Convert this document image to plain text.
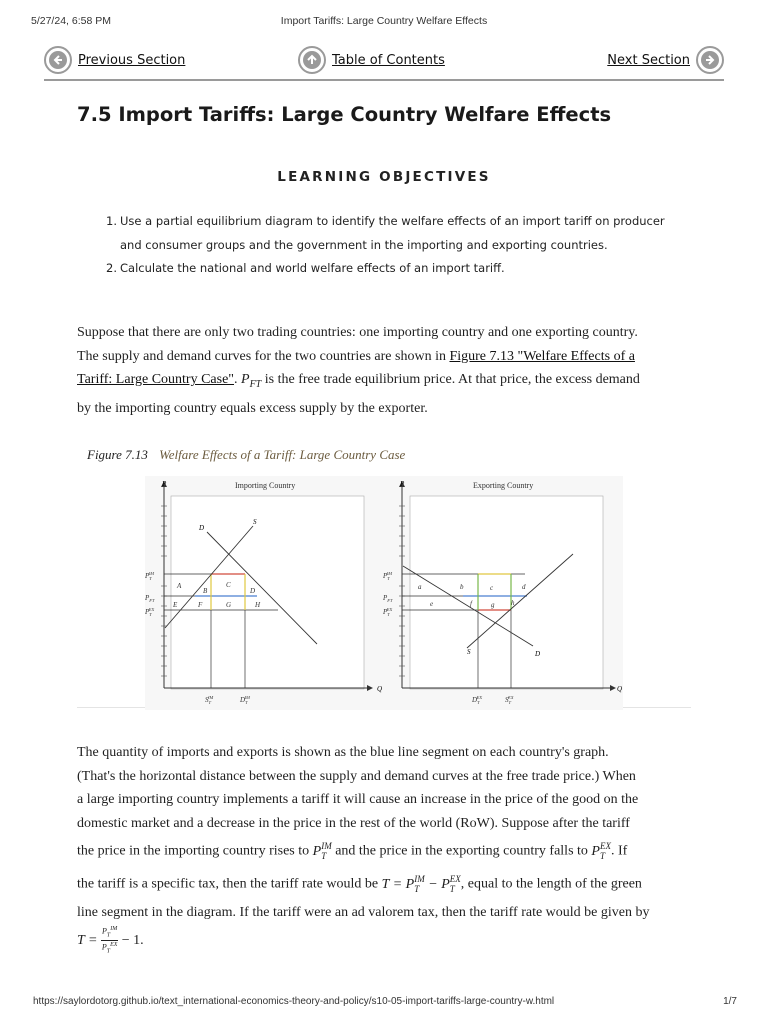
5/27/24, 6:58 PM	Import Tariffs: Large Country Welfare Effects
Previous Section	Table of Contents	Next Section
7.5 Import Tariffs: Large Country Welfare Effects
LEARNING OBJECTIVES
1. Use a partial equilibrium diagram to identify the welfare effects of an import tariff on producer
and consumer groups and the government in the importing and exporting countries.
2. Calculate the national and world welfare effects of an import tariff.

Suppose that there are only two trading countries: one importing country and one exporting country.
The supply and demand curves for the two countries are shown in Figure 7.13 "Welfare Effects of a
Tariff: Large Country Case". $P_{FT}$ is the free trade equilibrium price. At that price, the excess demand
by the importing country equals excess supply by the exporter.

Figure 7.13 Welfare Effects of a Tariff: Large Country Case
Importing Country
P
Q
S
D
A
B
C
D
E	F	G	H
$P_TIM$
$P_{FT}$
$P_TEX$
$S_TIM$	$D_TIM$
Exporting Country
P
Q
S	D
a	b	c	d
e	f	g h
$P_TIM$
$P_{FT}$
$P_TEX$
$D_TEX$	$S_TEX$

The quantity of imports and exports is shown as the blue line segment on each country's graph.
(That's the horizontal distance between the supply and demand curves at the free trade price.) When
a large importing country implements a tariff it will cause an increase in the price of the good on the
domestic market and a decrease in the price in the rest of the world (RoW). Suppose after the tariff
the price in the importing country rises to $P_T^{IM}$ and the price in the exporting country falls to $P_T^{EX}$. If
the tariff is a specific tax, then the tariff rate would be $T = P_T^{IM} - P_T^{EX}$, equal to the length of the green
line segment in the diagram. If the tariff were an ad valorem tax, then the tariff rate would be given by
$T = \frac{P_T^{IM}}{P_T^{EX}} - 1$.

https://saylordotorg.github.io/text_international-economics-theory-and-policy/s10-05-import-tariffs-large-country-w.html	1/7
